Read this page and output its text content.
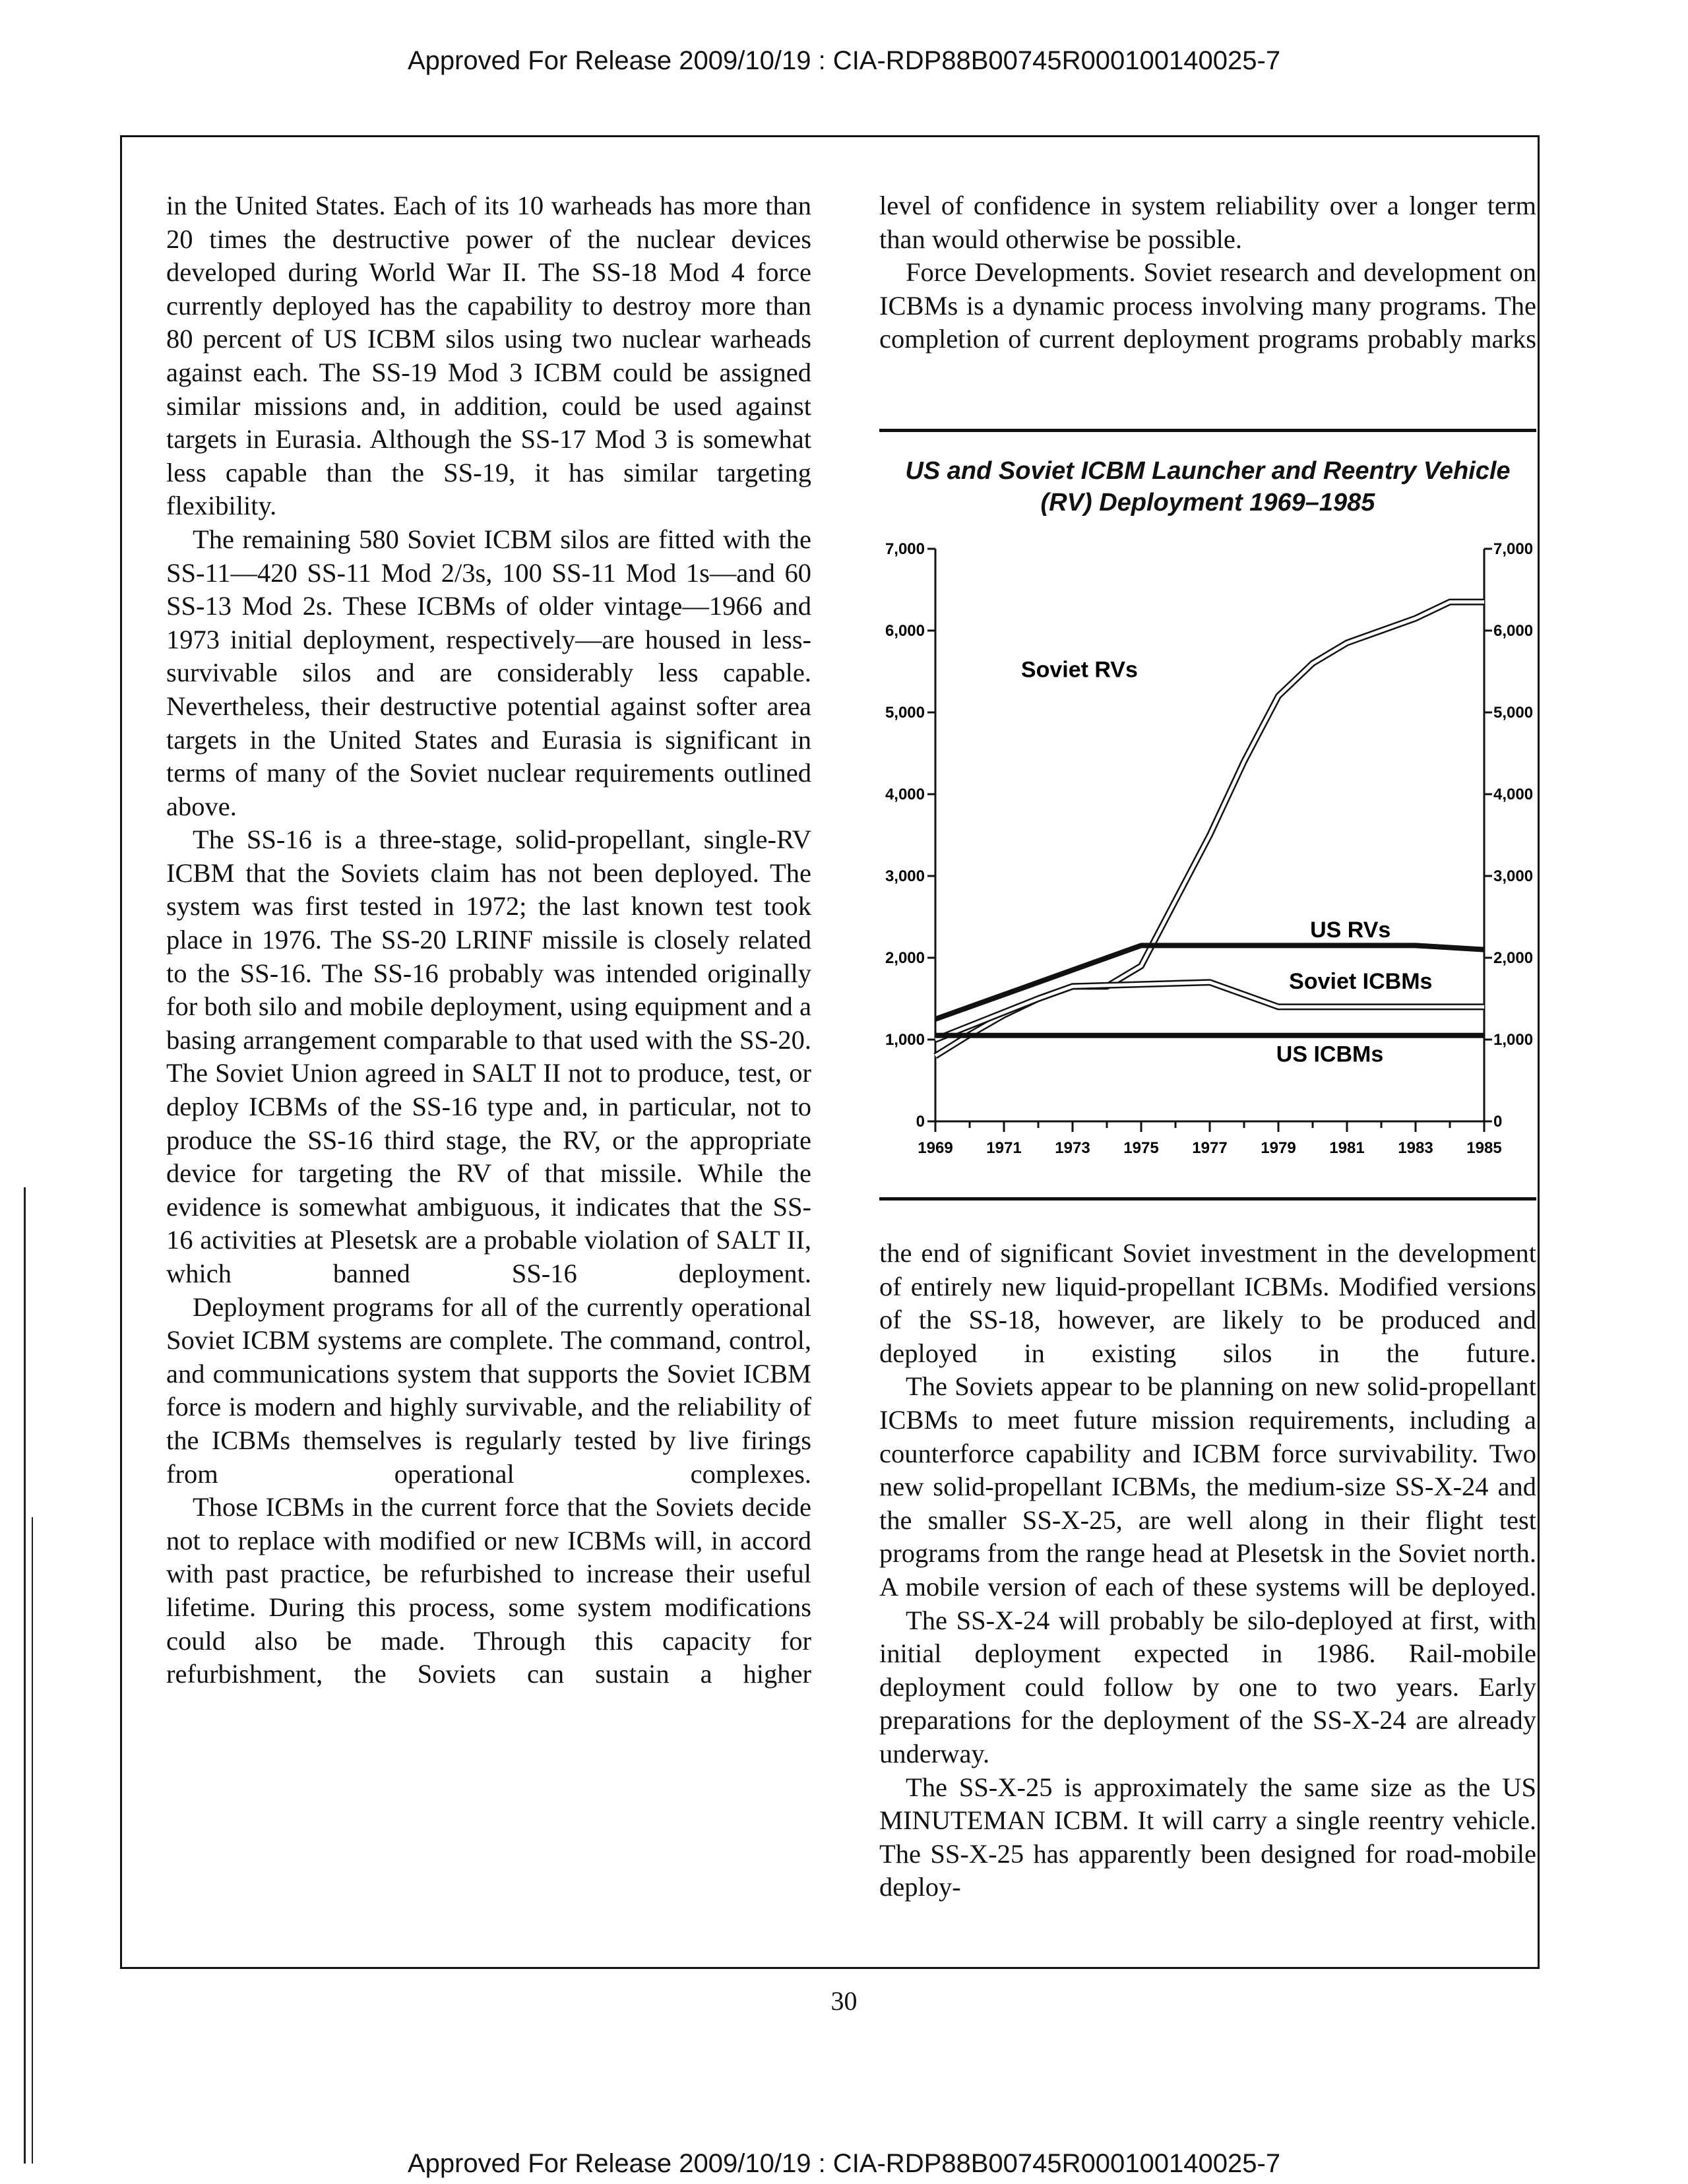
Approved For Release 2009/10/19 : CIA-RDP88B00745R000100140025-7

in the United States. Each of its 10 warheads has more than 20 times the destructive power of the nuclear devices developed during World War II. The SS-18 Mod 4 force currently deployed has the capability to destroy more than 80 percent of US ICBM silos using two nuclear warheads against each. The SS-19 Mod 3 ICBM could be assigned similar missions and, in addition, could be used against targets in Eurasia. Although the SS-17 Mod 3 is somewhat less capable than the SS-19, it has similar targeting flexibility.

The remaining 580 Soviet ICBM silos are fitted with the SS-11—420 SS-11 Mod 2/3s, 100 SS-11 Mod 1s—and 60 SS-13 Mod 2s. These ICBMs of older vintage—1966 and 1973 initial deployment, respectively—are housed in less-survivable silos and are considerably less capable. Nevertheless, their destructive potential against softer area targets in the United States and Eurasia is significant in terms of many of the Soviet nuclear requirements outlined above.

The SS-16 is a three-stage, solid-propellant, single-RV ICBM that the Soviets claim has not been deployed. The system was first tested in 1972; the last known test took place in 1976. The SS-20 LRINF missile is closely related to the SS-16. The SS-16 probably was intended originally for both silo and mobile deployment, using equipment and a basing arrangement comparable to that used with the SS-20. The Soviet Union agreed in SALT II not to produce, test, or deploy ICBMs of the SS-16 type and, in particular, not to produce the SS-16 third stage, the RV, or the appropriate device for targeting the RV of that missile. While the evidence is somewhat ambiguous, it indicates that the SS-16 activities at Plesetsk are a probable violation of SALT II, which banned SS-16 deployment.

Deployment programs for all of the currently operational Soviet ICBM systems are complete. The command, control, and communications system that supports the Soviet ICBM force is modern and highly survivable, and the reliability of the ICBMs themselves is regularly tested by live firings from operational complexes.

Those ICBMs in the current force that the Soviets decide not to replace with modified or new ICBMs will, in accord with past practice, be refurbished to increase their useful lifetime. During this process, some system modifications could also be made. Through this capacity for refurbishment, the Soviets can sustain a higher

level of confidence in system reliability over a longer term than would otherwise be possible.

Force Developments. Soviet research and development on ICBMs is a dynamic process involving many programs. The completion of current deployment programs probably marks

US and Soviet ICBM Launcher and Reentry Vehicle (RV) Deployment 1969–1985
0	0
1,000	1,000
2,000	2,000
3,000	3,000
4,000	4,000
5,000	5,000
6,000	6,000
7,000	7,000
1969 1971 1973 1975 1977 1979 1981 1983 1985
Soviet RVs
US RVs
Soviet ICBMs
US ICBMs

the end of significant Soviet investment in the development of entirely new liquid-propellant ICBMs. Modified versions of the SS-18, however, are likely to be produced and deployed in existing silos in the future.

The Soviets appear to be planning on new solid-propellant ICBMs to meet future mission requirements, including a counterforce capability and ICBM force survivability. Two new solid-propellant ICBMs, the medium-size SS-X-24 and the smaller SS-X-25, are well along in their flight test programs from the range head at Plesetsk in the Soviet north. A mobile version of each of these systems will be deployed.

The SS-X-24 will probably be silo-deployed at first, with initial deployment expected in 1986. Rail-mobile deployment could follow by one to two years. Early preparations for the deployment of the SS-X-24 are already underway.

The SS-X-25 is approximately the same size as the US MINUTEMAN ICBM. It will carry a single reentry vehicle. The SS-X-25 has apparently been designed for road-mobile deploy-

30
Approved For Release 2009/10/19 : CIA-RDP88B00745R000100140025-7
